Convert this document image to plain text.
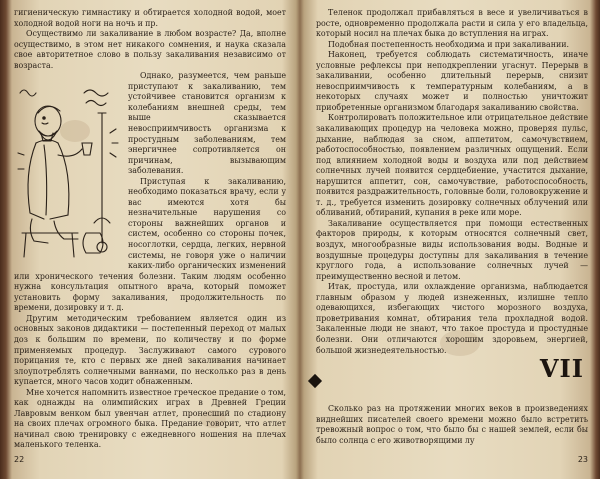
гигиеническую гимнастику и обтирается холодной водой, моет холодной водой ноги на ночь и пр.

Осуществимо ли закаливание в любом возрасте? Да, вполне осуществимо, в этом нет никакого сомнения, и наука сказала свое авторитетное слово в пользу закаливания независимо от возраста.

Однако, разумеется, чем раньше приступают к закаливанию, тем устойчивее становится организм к колебаниям внешней среды, тем выше сказывается невосприимчивость организма к простудным заболеваниям, тем энергичнее сопротивляется он причинам, вызывающим заболевания.

Приступая к закаливанию, необходимо показаться врачу, если у вас имеются хотя бы незначительные нарушения со стороны важнейших органов и систем, особенно со стороны почек, носоглотки, сердца, легких, нервной системы, не говоря уже о наличии каких-либо органических изменений или хронического течения болезни. Таким людям особенно нужна консультация опытного врача, который поможет установить форму закаливания, продолжительность по времени, дозировку и т. д.

Другим методическим требованием является один из основных законов дидактики — постепенный переход от малых доз к большим по времени, по количеству и по форме применяемых процедур. Заслуживают самого сурового порицания те, кто с первых же дней закаливания начинает злоупотреблять солнечными ваннами, по несколько раз в день купается, много часов ходит обнаженным.

Мне хочется напомнить известное греческое предание о том, как однажды на олимпийских играх в Древней Греции Лавровым венком был увенчан атлет, пронесший по стадиону на своих плечах огромного быка. Предание говорит, что атлет начинал свою тренировку с ежедневного ношения на плечах маленького теленка.

22

Теленок продолжал прибавляться в весе и увеличиваться в росте, одновременно продолжала расти и сила у его владельца, который носил на плечах быка до вступления на играх.

Подобная постепенность необходима и при закаливании.

Наконец, требуется соблюдать систематичность, иначе условные рефлексы при неподкреплении угаснут. Перерыв в закаливании, особенно длительный перерыв, снизит невосприимчивость к температурным колебаниям, а в некоторых случаях может и полностью уничтожит приобретенные организмом благодаря закаливанию свойства.

Контролировать положительное или отрицательное действие закаливающих процедур на человека можно, проверяя пульс, дыхание, наблюдая за сном, аппетитом, самочувствием, работоспособностью, появлением различных ощущений. Если под влиянием холодной воды и воздуха или под действием солнечных лучей появится сердцебиение, участится дыхание, нарушится аппетит, сон, самочувствие, работоспособность, появится раздражительность, головные боли, головокружение и т. д., требуется изменить дозировку солнечных облучений или обливаний, обтираний, купания в реке или море.

Закаливание осуществляется при помощи естественных факторов природы, к которым относятся солнечный свет, воздух, многообразные виды использования воды. Водные и воздушные процедуры доступны для закаливания в течение круглого года, а использование солнечных лучей — преимущественно весной и летом.

Итак, простуда, или охлаждение организма, наблюдается главным образом у людей изнеженных, излишне тепло одевающихся, избегающих чистого морозного воздуха, проветривания комнат, обтирания тела прохладной водой. Закаленные люди не знают, что такое простуда и простудные болезни. Они отличаются хорошим здоровьем, энергией, большой жизнедеятельностью.

VII

Сколько раз на протяжении многих веков в произведениях виднейших писателей своего времени можно было встретить тревожный вопрос о том, что было бы с нашей землей, если бы было солнца с его животворящими лу

23
